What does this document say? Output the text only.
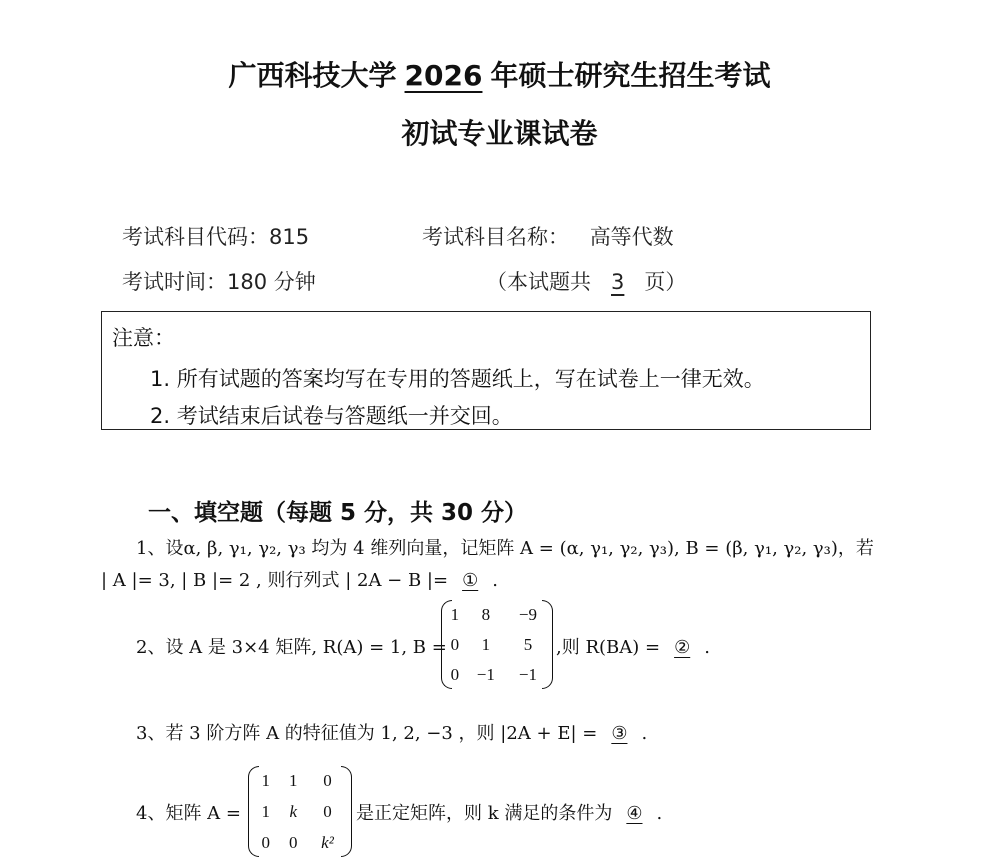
广西科技大学 2026 年硕士研究生招生考试
初试专业课试卷
考试科目代码：815	考试科目名称： 高等代数
考试时间：180 分钟	（本试题共 3 页）
注意：
1. 所有试题的答案均写在专用的答题纸上，写在试卷上一律无效。
2. 考试结束后试卷与答题纸一并交回。
一、填空题（每题 5 分，共 30 分）
1、设α, β, γ₁, γ₂, γ₃ 均为 4 维列向量，记矩阵 A = (α, γ₁, γ₂, γ₃), B = (β, γ₁, γ₂, γ₃)，若
| A |= 3, | B |= 2 , 则行列式 | 2A − B |= ① .
2、设 A 是 3×4 矩阵, R(A) = 1, B =
1	8	−9
0	1	5
0	−1	−1
,则 R(BA) = ② .
3、若 3 阶方阵 A 的特征值为 1, 2, −3 ，则 |2A + E| = ③ .
4、矩阵 A =
1	1	0
1	k	0
0	0	k²
是正定矩阵，则 k 满足的条件为 ④ .
